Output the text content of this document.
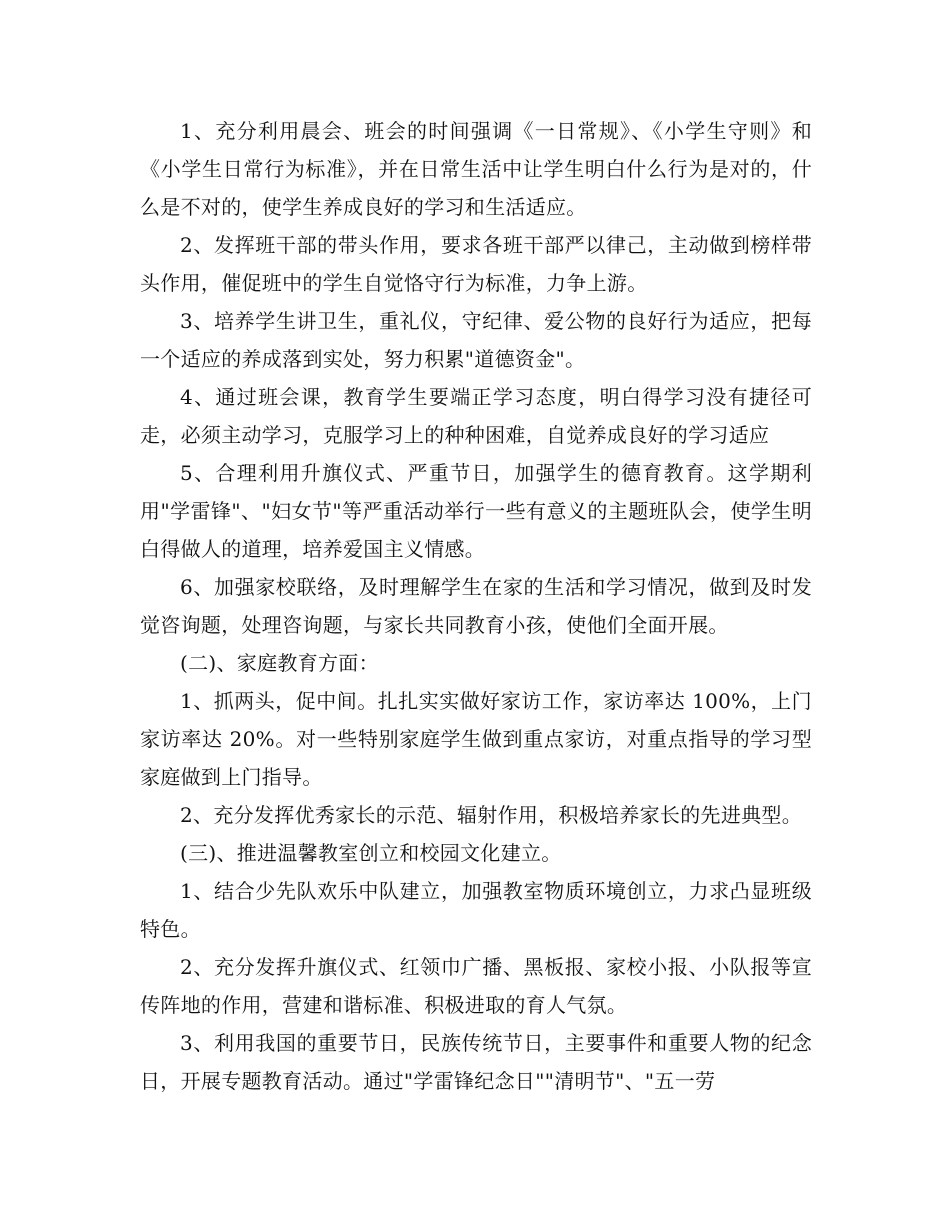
1、充分利用晨会、班会的时间强调《一日常规》、《小学生守则》和《小学生日常行为标准》，并在日常生活中让学生明白什么行为是对的，什么是不对的，使学生养成良好的学习和生活适应。

2、发挥班干部的带头作用，要求各班干部严以律己，主动做到榜样带头作用，催促班中的学生自觉恪守行为标准，力争上游。

3、培养学生讲卫生，重礼仪，守纪律、爱公物的良好行为适应，把每一个适应的养成落到实处，努力积累"道德资金"。

4、通过班会课，教育学生要端正学习态度，明白得学习没有捷径可走，必须主动学习，克服学习上的种种困难，自觉养成良好的学习适应

5、合理利用升旗仪式、严重节日，加强学生的德育教育。这学期利用"学雷锋"、"妇女节"等严重活动举行一些有意义的主题班队会，使学生明白得做人的道理，培养爱国主义情感。

6、加强家校联络，及时理解学生在家的生活和学习情况，做到及时发觉咨询题，处理咨询题，与家长共同教育小孩，使他们全面开展。

(二)、家庭教育方面：

1、抓两头，促中间。扎扎实实做好家访工作，家访率达 100%，上门家访率达 20%。对一些特别家庭学生做到重点家访，对重点指导的学习型家庭做到上门指导。

2、充分发挥优秀家长的示范、辐射作用，积极培养家长的先进典型。

(三)、推进温馨教室创立和校园文化建立。

1、结合少先队欢乐中队建立，加强教室物质环境创立，力求凸显班级特色。

2、充分发挥升旗仪式、红领巾广播、黑板报、家校小报、小队报等宣传阵地的作用，营建和谐标准、积极进取的育人气氛。

3、利用我国的重要节日，民族传统节日，主要事件和重要人物的纪念日，开展专题教育活动。通过"学雷锋纪念日""清明节"、"五一劳
